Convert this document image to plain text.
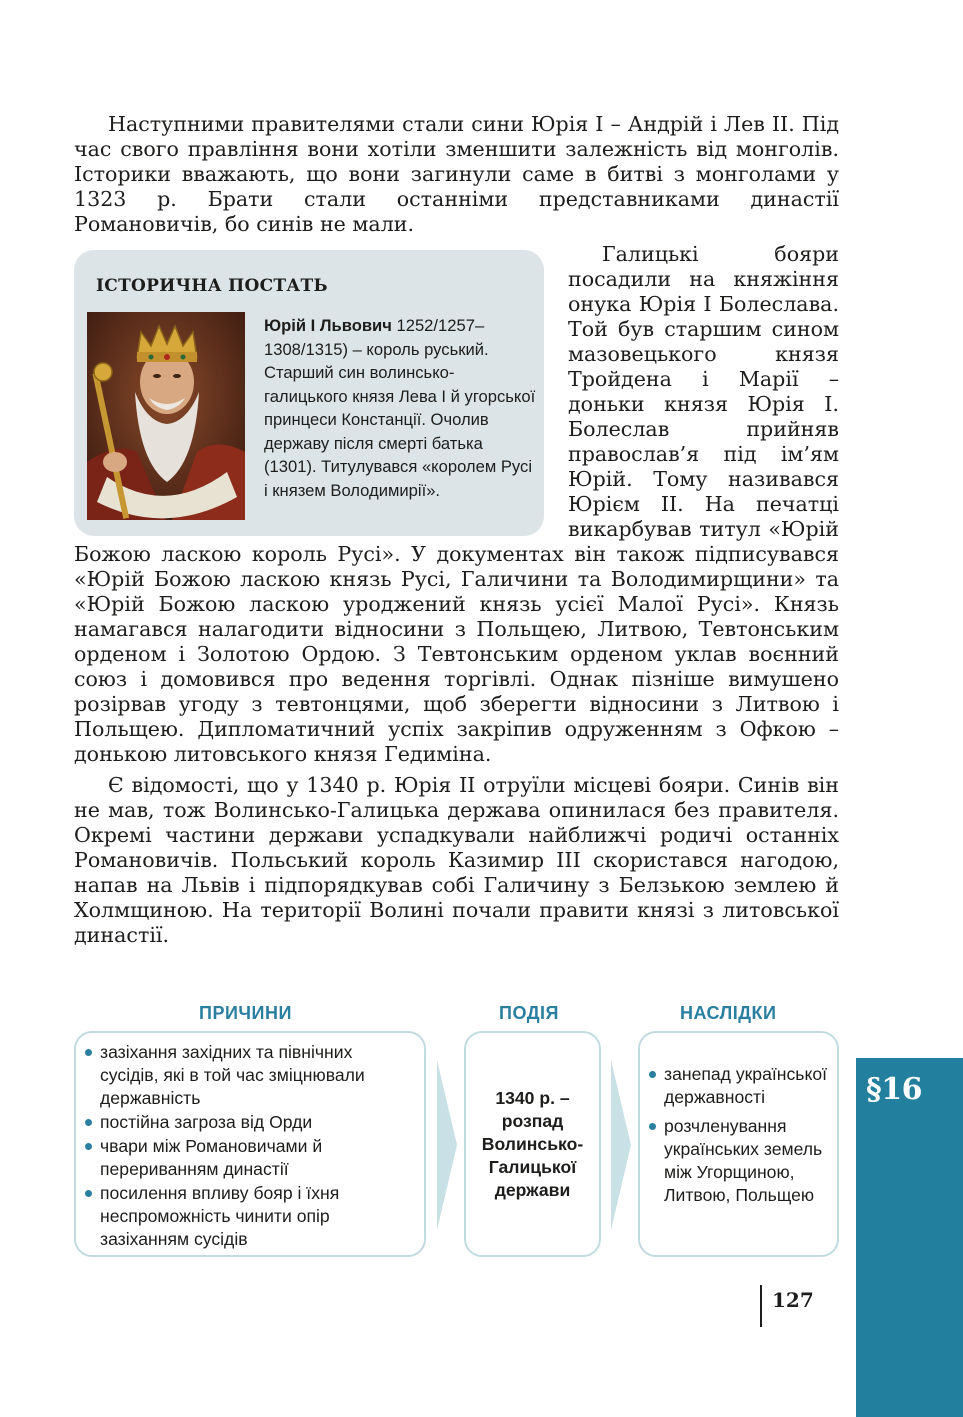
Наступними правителями стали сини Юрія I – Андрій і Лев II. Під час свого правління вони хотіли зменшити залежність від монголів. Історики вважають, що вони загинули саме в битві з монголами у 1323 р. Брати стали останніми представниками династії Романовичів, бо синів не мали.

ІСТОРИЧНА ПОСТАТЬ
Юрій I Львович 1252/1257–1308/1315) – король руський. Старший син волинсько-галицького князя Лева I й угорської принцеси Констанції. Очолив державу після смерті батька (1301). Титулувався «королем Русі і князем Володимирії».

Галицькі бояри посадили на княжіння онука Юрія I Болеслава. Той був старшим сином мазовецького князя Тройдена і Марії – доньки князя Юрія I. Болеслав прийняв православ’я під ім’ям Юрій. Тому називався Юрієм II. На печатці викарбував титул «Юрій Божою ласкою король Русі». У документах він також підписувався «Юрій Божою ласкою князь Русі, Галичини та Володимирщини» та «Юрій Божою ласкою уроджений князь усієї Малої Русі». Князь намагався налагодити відносини з Польщею, Литвою, Тевтонським орденом і Золотою Ордою. З Тевтонським орденом уклав воєнний союз і домовився про ведення торгівлі. Однак пізніше вимушено розірвав угоду з тевтонцями, щоб зберегти відносини з Литвою і Польщею. Дипломатичний успіх закріпив одруженням з Офкою – донькою литовського князя Гедиміна.

Є відомості, що у 1340 р. Юрія II отруїли місцеві бояри. Синів він не мав, тож Волинсько-Галицька держава опинилася без правителя. Окремі частини держави успадкували найближчі родичі останніх Романовичів. Польський король Казимир III скористався нагодою, напав на Львів і підпорядкував собі Галичину з Белзькою землею й Холмщиною. На території Волині почали правити князі з литовської династії.

ПРИЧИНИ	ПОДІЯ	НАСЛІДКИ
зазіхання західних та північних сусідів, які в той час зміцнювали державність
постійна загроза від Орди
чвари між Романовичами й перериванням династії
посилення впливу бояр і їхня неспроможність чинити опір зазіханням сусідів
1340 р. – розпад Волинсько-Галицької держави
занепад української державності
розчленування українських земель між Угорщиною, Литвою, Польщею
§16
127
